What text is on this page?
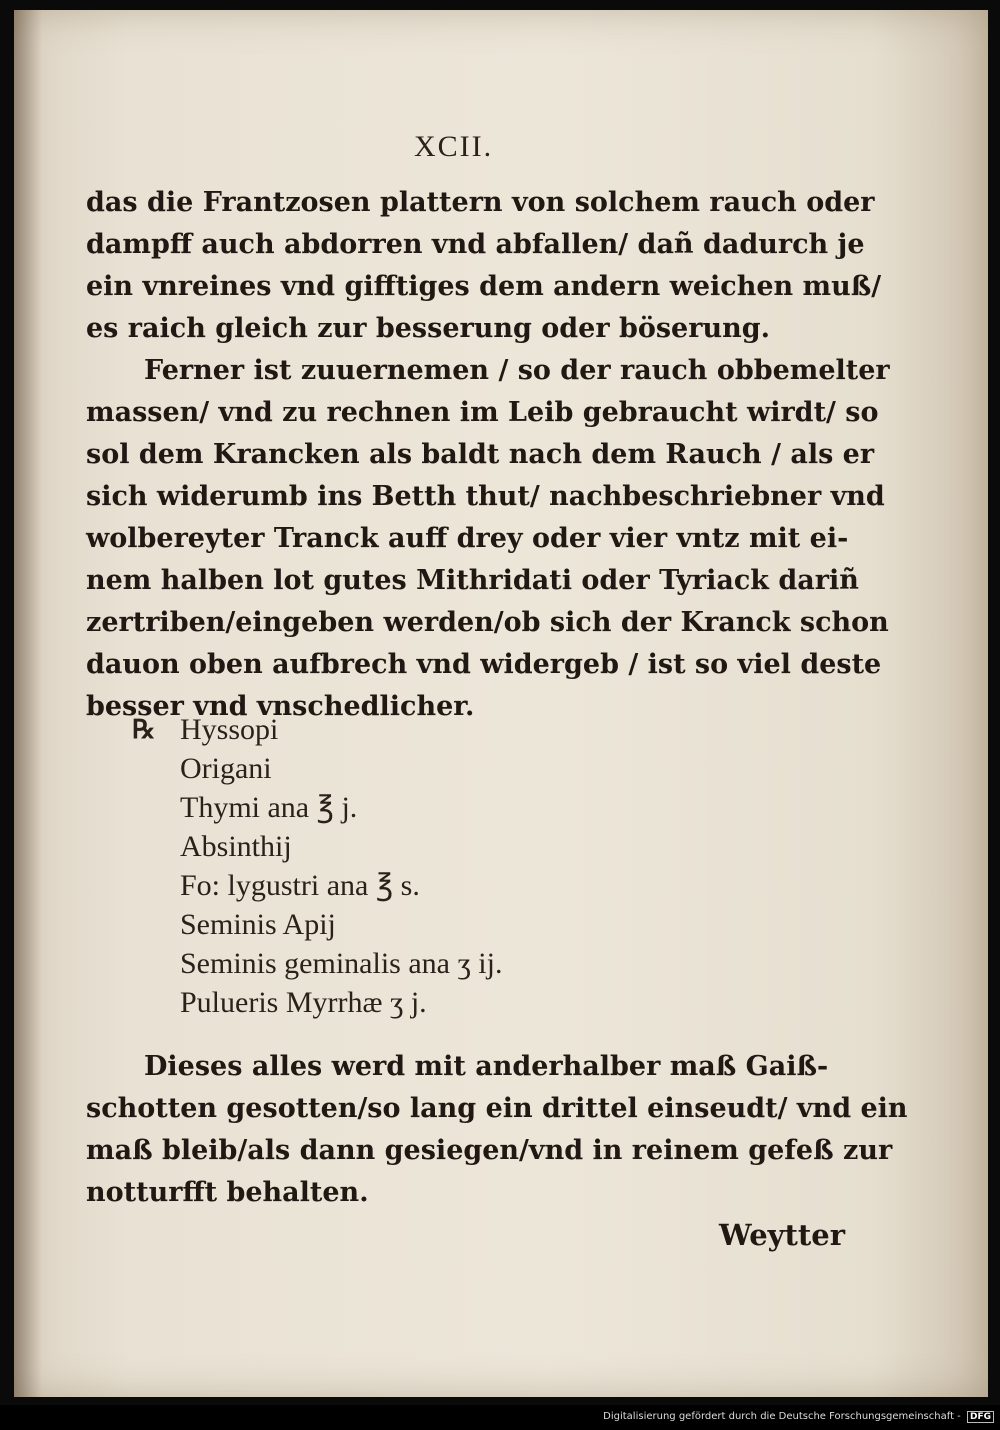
XCII.
das die Frantzosen plattern von solchem rauch oder
dampff auch abdorren vnd abfallen/ dañ dadurch je
ein vnreines vnd gifftiges dem andern weichen muß/
es raich gleich zur besserung oder böserung.
Ferner ist zuuernemen / so der rauch obbemelter
massen/ vnd zu rechnen im Leib gebraucht wirdt/ so
sol dem Krancken als baldt nach dem Rauch / als er
sich widerumb ins Betth thut/ nachbeschriebner vnd
wolbereyter Tranck auff drey oder vier vntz mit ei-
nem halben lot gutes Mithridati oder Tyriack dariñ
zertriben/eingeben werden/ob sich der Kranck schon
dauon oben aufbrech vnd widergeb / ist so viel deste
besser vnd vnschedlicher.
℞ Hyssopi
Origani
Thymi ana ℥ j.
Absinthij
Fo: lygustri ana ℥ s.
Seminis Apij
Seminis geminalis ana ʒ ij.
Pulueris Myrrhæ ʒ j.
Dieses alles werd mit anderhalber maß Gaiß-
schotten gesotten/so lang ein drittel einseudt/ vnd ein
maß bleib/als dann gesiegen/vnd in reinem gefeß zur
notturfft behalten.
Weytter
Digitalisierung gefördert durch die Deutsche Forschungsgemeinschaft - DFG
